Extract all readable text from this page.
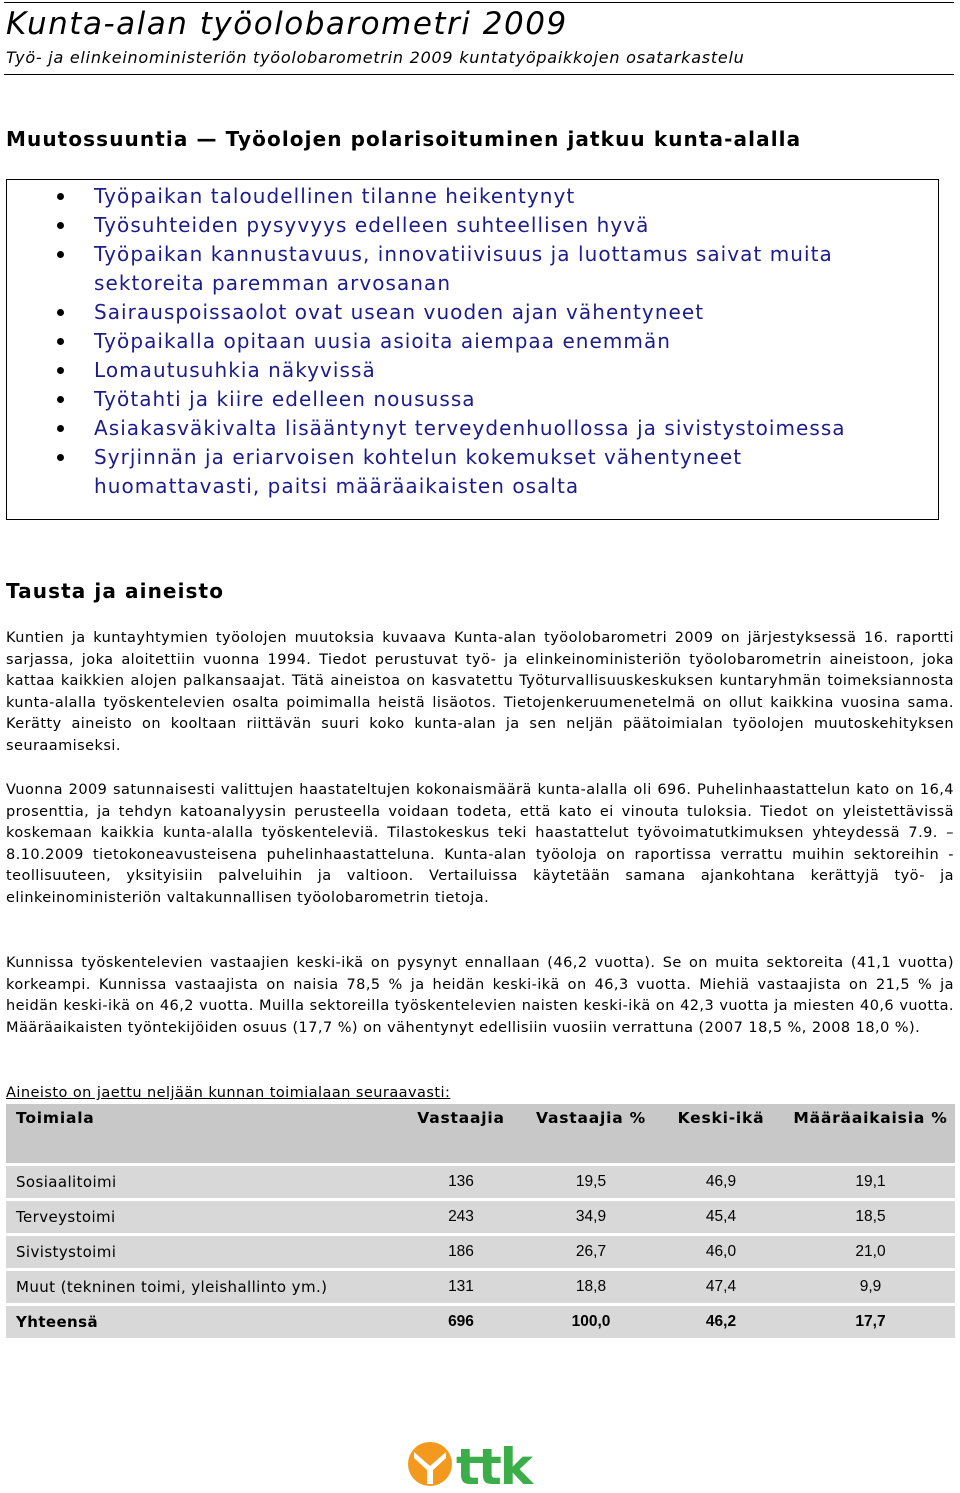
Kunta-alan työolobarometri 2009
Työ- ja elinkeinoministeriön työolobarometrin 2009 kuntatyöpaikkojen osatarkastelu
Muutossuuntia — Työolojen polarisoituminen jatkuu kunta-alalla
Työpaikan taloudellinen tilanne heikentynyt
Työsuhteiden pysyvyys edelleen suhteellisen hyvä
Työpaikan kannustavuus, innovatiivisuus ja luottamus saivat muita sektoreita paremman arvosanan
Sairauspoissaolot ovat usean vuoden ajan vähentyneet
Työpaikalla opitaan uusia asioita aiempaa enemmän
Lomautusuhkia näkyvissä
Työtahti ja kiire edelleen nousussa
Asiakasväkivalta lisääntynyt terveydenhuollossa ja sivistystoimessa
Syrjinnän ja eriarvoisen kohtelun kokemukset vähentyneet huomattavasti, paitsi määräaikaisten osalta
Tausta ja aineisto

Kuntien ja kuntayhtymien työolojen muutoksia kuvaava Kunta-alan työolobarometri 2009 on järjestyksessä 16. raportti sarjassa, joka aloitettiin vuonna 1994. Tiedot perustuvat työ- ja elinkeinoministeriön työolobarometrin aineistoon, joka kattaa kaikkien alojen palkansaajat. Tätä aineistoa on kasvatettu Työturvallisuuskeskuksen kuntaryhmän toimeksiannosta kunta-alalla työskentelevien osalta poimimalla heistä lisäotos. Tietojenkeruumenetelmä on ollut kaikkina vuosina sama. Kerätty aineisto on kooltaan riittävän suuri koko kunta-alan ja sen neljän päätoimialan työolojen muutoskehityksen seuraamiseksi.

Vuonna 2009 satunnaisesti valittujen haastateltujen kokonaismäärä kunta-alalla oli 696. Puhelinhaastattelun kato on 16,4 prosenttia, ja tehdyn katoanalyysin perusteella voidaan todeta, että kato ei vinouta tuloksia. Tiedot on yleistettävissä koskemaan kaikkia kunta-alalla työskenteleviä. Tilastokeskus teki haastattelut työvoimatutkimuksen yhteydessä 7.9. – 8.10.2009 tietokoneavusteisena puhelinhaastatteluna. Kunta-alan työoloja on raportissa verrattu muihin sektoreihin - teollisuuteen, yksityisiin palveluihin ja valtioon. Vertailuissa käytetään samana ajankohtana kerättyjä työ- ja elinkeinoministeriön valtakunnallisen työolobarometrin tietoja.

Kunnissa työskentelevien vastaajien keski-ikä on pysynyt ennallaan (46,2 vuotta). Se on muita sektoreita (41,1 vuotta) korkeampi. Kunnissa vastaajista on naisia 78,5 % ja heidän keski-ikä on 46,3 vuotta. Miehiä vastaajista on 21,5 % ja heidän keski-ikä on 46,2 vuotta. Muilla sektoreilla työskentelevien naisten keski-ikä on 42,3 vuotta ja miesten 40,6 vuotta. Määräaikaisten työntekijöiden osuus (17,7 %) on vähentynyt edellisiin vuosiin verrattuna (2007 18,5 %, 2008 18,0 %).

Aineisto on jaettu neljään kunnan toimialaan seuraavasti:
Toimiala	Vastaajia	Vastaajia %	Keski-ikä	Määräaikaisia %
Sosiaalitoimi	136	19,5	46,9	19,1
Terveystoimi	243	34,9	45,4	18,5
Sivistystoimi	186	26,7	46,0	21,0
Muut (tekninen toimi, yleishallinto ym.)	131	18,8	47,4	9,9
Yhteensä	696	100,0	46,2	17,7
ttk
